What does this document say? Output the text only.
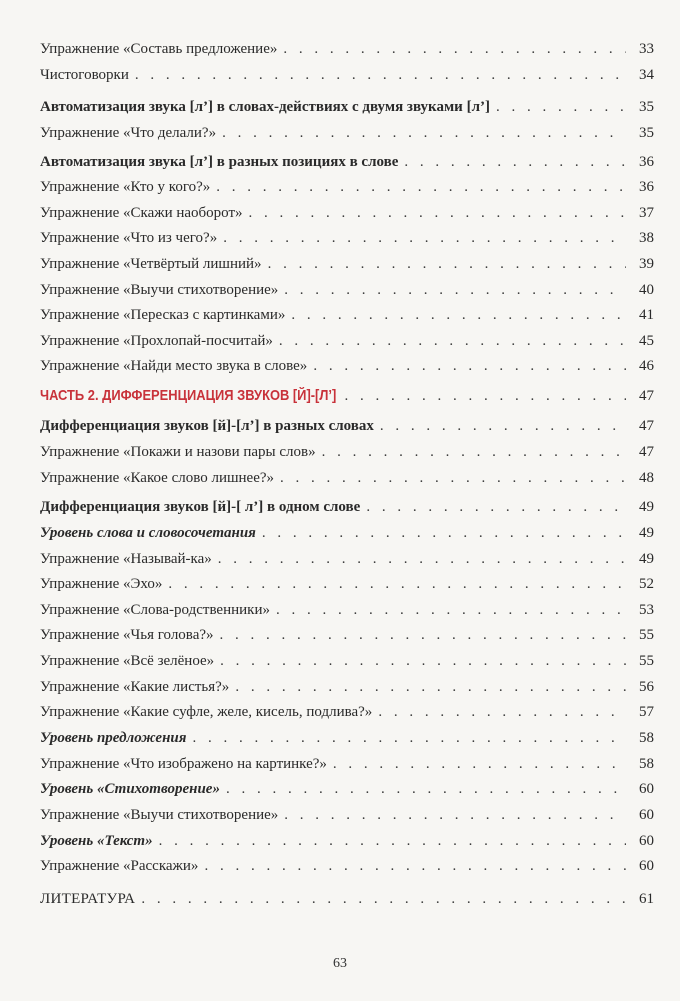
Упражнение «Составь предложение» . . .	33
Чистоговорки . . .	34
Автоматизация звука [л’] в словах-действиях с двумя звуками [л’] . . .	35
Упражнение «Что делали?» . . .	35
Автоматизация звука [л’] в разных позициях в слове . . .	36
Упражнение «Кто у кого?» . . .	36
Упражнение «Скажи наоборот» . . .	37
Упражнение «Что из чего?» . . .	38
Упражнение «Четвёртый лишний» . . .	39
Упражнение «Выучи стихотворение» . . .	40
Упражнение «Пересказ с картинками» . . .	41
Упражнение «Прохлопай-посчитай» . . .	45
Упражнение «Найди место звука в слове» . . .	46
ЧАСТЬ 2. ДИФФЕРЕНЦИАЦИЯ ЗВУКОВ [Й]-[Л’] . . .	47
Дифференциация звуков [й]-[л’] в разных словах . . .	47
Упражнение «Покажи и назови пары слов» . . .	47
Упражнение «Какое слово лишнее?» . . .	48
Дифференциация звуков [й]-[ л’] в одном слове . . .	49
Уровень слова и словосочетания . . .	49
Упражнение «Называй-ка» . . .	49
Упражнение «Эхо» . . .	52
Упражнение «Слова-родственники» . . .	53
Упражнение «Чья голова?» . . .	55
Упражнение «Всё зелёное» . . .	55
Упражнение «Какие листья?» . . .	56
Упражнение «Какие суфле, желе, кисель, подлива?» . . .	57
Уровень предложения . . .	58
Упражнение «Что изображено на картинке?» . . .	58
Уровень «Стихотворение» . . .	60
Упражнение «Выучи стихотворение» . . .	60
Уровень «Текст» . . .	60
Упражнение «Расскажи» . . .	60
ЛИТЕРАТУРА . . .	61
63
